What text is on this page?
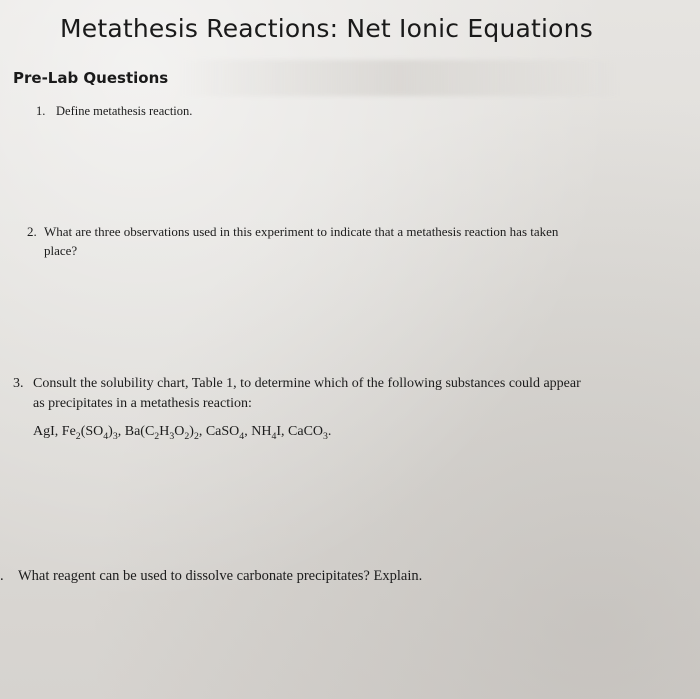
Metathesis Reactions: Net Ionic Equations
Pre-Lab Questions
1. Define metathesis reaction.
2. What are three observations used in this experiment to indicate that a metathesis reaction has taken
place?
3. Consult the solubility chart, Table 1, to determine which of the following substances could appear
as precipitates in a metathesis reaction:
AgI, $Fe_2(SO_4)_3$, $Ba(C_2H_3O_2)_2$, CaSO$_4$, $NH_4I$, CaCO$_3$.
. What reagent can be used to dissolve carbonate precipitates? Explain.
